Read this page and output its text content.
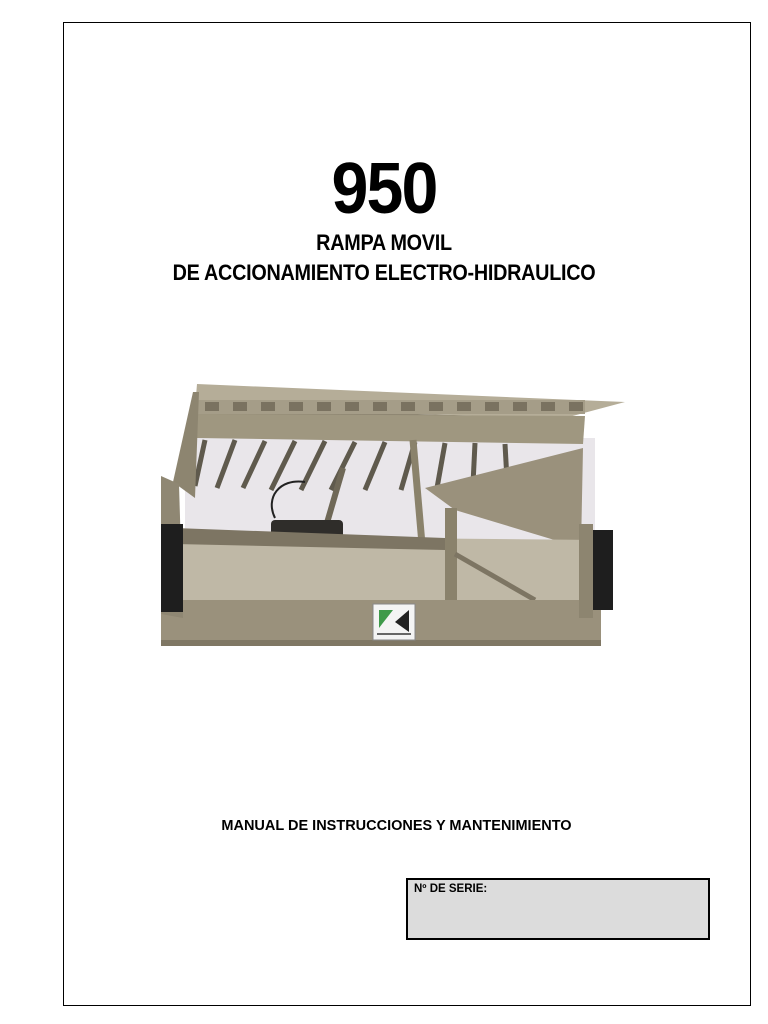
950
RAMPA MOVIL
DE ACCIONAMIENTO ELECTRO-HIDRAULICO
MANUAL DE INSTRUCCIONES Y MANTENIMIENTO
Nº DE SERIE:
